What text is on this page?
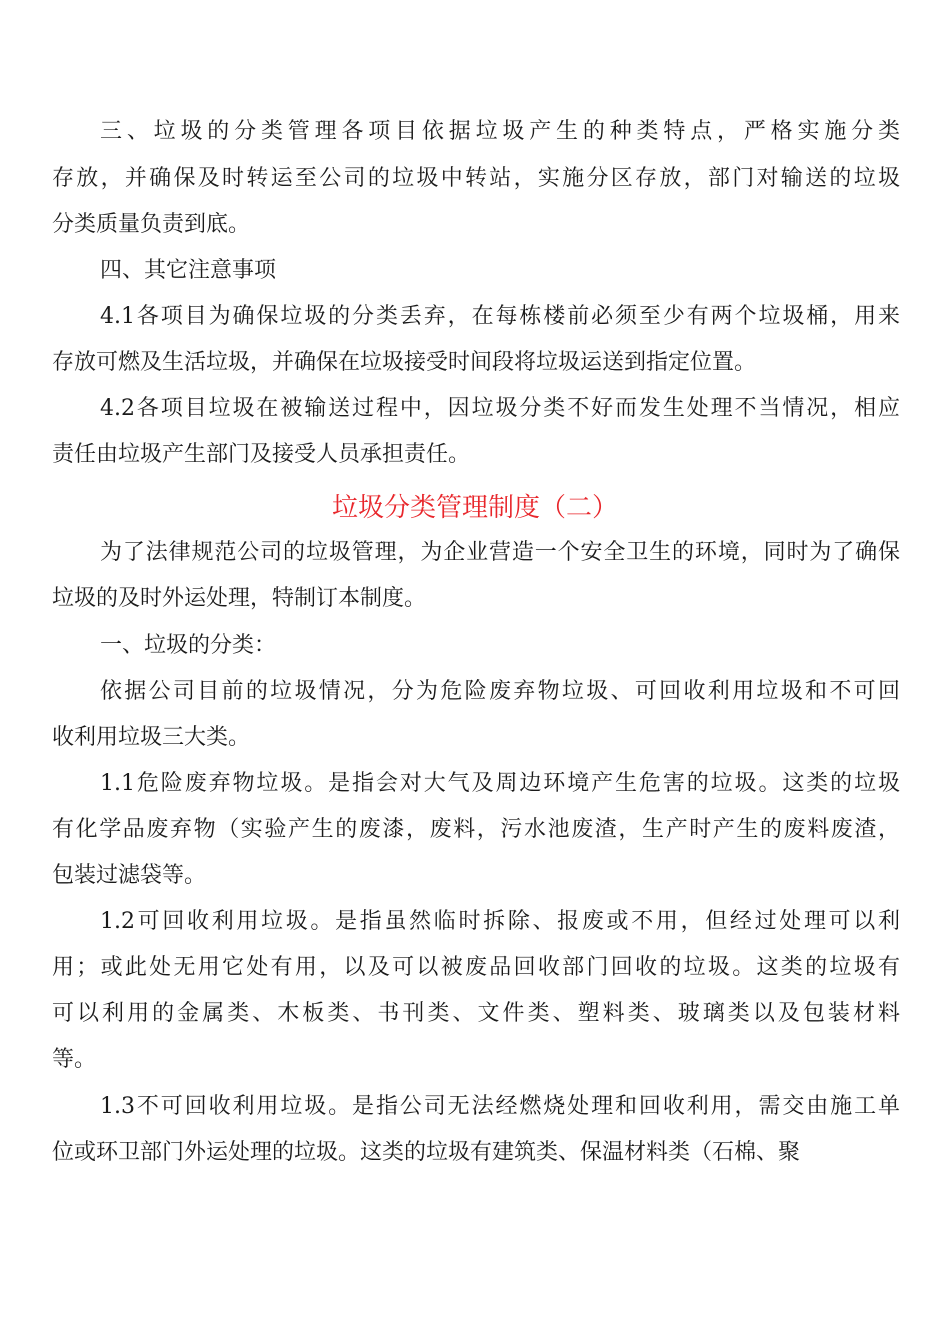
三、垃圾的分类管理各项目依据垃圾产生的种类特点，严格实施分类
存放，并确保及时转运至公司的垃圾中转站，实施分区存放，部门对输送的垃圾
分类质量负责到底。
四、其它注意事项
4.1各项目为确保垃圾的分类丢弃，在每栋楼前必须至少有两个垃圾桶，用来
存放可燃及生活垃圾，并确保在垃圾接受时间段将垃圾运送到指定位置。
4.2各项目垃圾在被输送过程中，因垃圾分类不好而发生处理不当情况，相应
责任由垃圾产生部门及接受人员承担责任。
垃圾分类管理制度（二）
为了法律规范公司的垃圾管理，为企业营造一个安全卫生的环境，同时为了确保
垃圾的及时外运处理，特制订本制度。
一、垃圾的分类：
依据公司目前的垃圾情况，分为危险废弃物垃圾、可回收利用垃圾和不可回
收利用垃圾三大类。
1.1危险废弃物垃圾。是指会对大气及周边环境产生危害的垃圾。这类的垃圾
有化学品废弃物（实验产生的废漆，废料，污水池废渣，生产时产生的废料废渣，
包装过滤袋等。
1.2可回收利用垃圾。是指虽然临时拆除、报废或不用，但经过处理可以利
用；或此处无用它处有用，以及可以被废品回收部门回收的垃圾。这类的垃圾有
可以利用的金属类、木板类、书刊类、文件类、塑料类、玻璃类以及包装材料
等。
1.3不可回收利用垃圾。是指公司无法经燃烧处理和回收利用，需交由施工单
位或环卫部门外运处理的垃圾。这类的垃圾有建筑类、保温材料类（石棉、聚
